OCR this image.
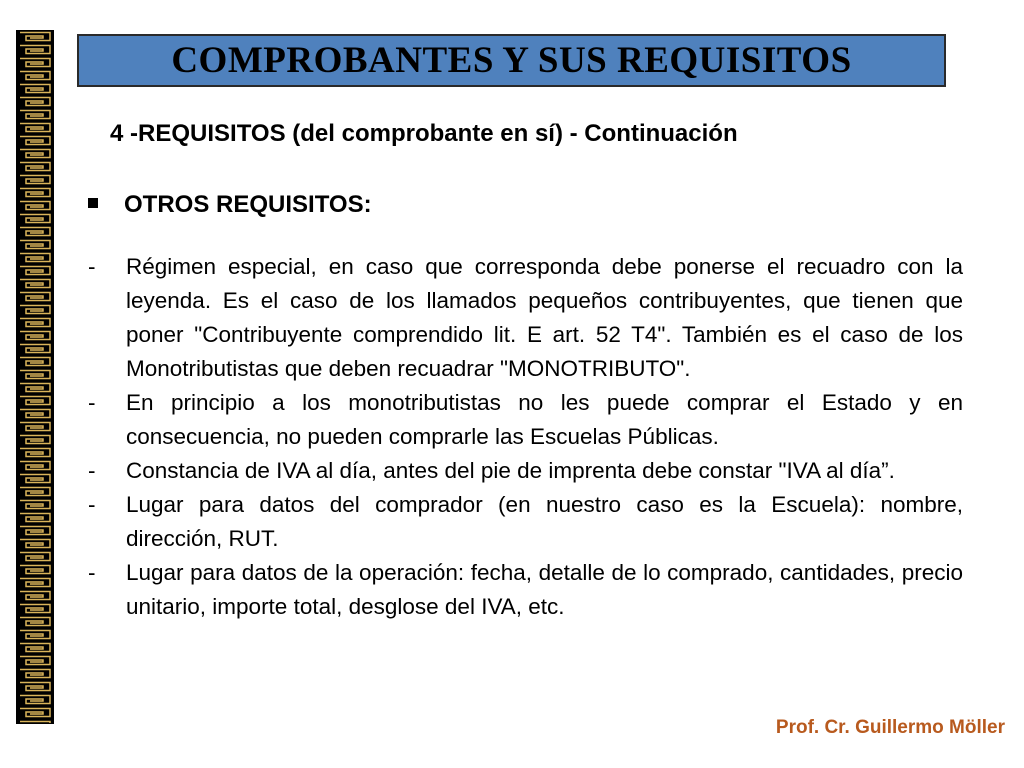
COMPROBANTES Y SUS REQUISITOS
4 -REQUISITOS (del comprobante en sí) - Continuación
OTROS REQUISITOS:
- Régimen especial, en caso que corresponda debe ponerse el recuadro con la leyenda. Es el caso de los llamados pequeños contribuyentes, que tienen que poner "Contribuyente comprendido lit. E art. 52 T4". También es el caso de los Monotributistas que deben recuadrar "MONOTRIBUTO".
- En principio a los monotributistas no les puede comprar el Estado y en consecuencia, no pueden comprarle las Escuelas Públicas.
- Constancia de IVA al día, antes del pie de imprenta debe constar "IVA al día”.
- Lugar para datos del comprador (en nuestro caso es la Escuela): nombre, dirección, RUT.
- Lugar para datos de la operación: fecha, detalle de lo comprado, cantidades, precio unitario, importe total, desglose del IVA, etc.
Prof. Cr. Guillermo Möller
